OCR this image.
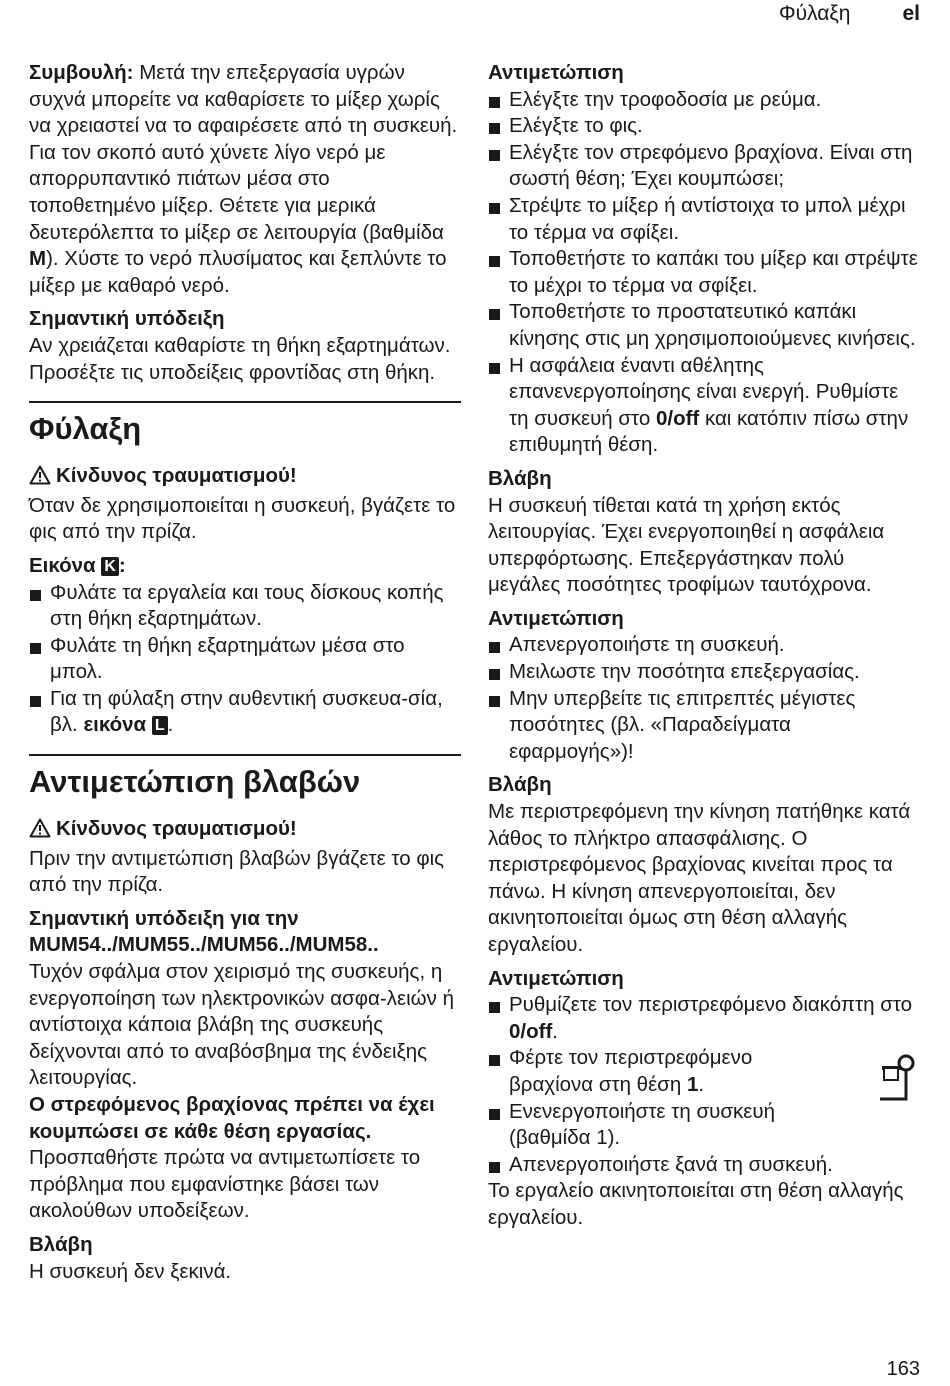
Φύλαξη el

Συμβουλή: Μετά την επεξεργασία υγρών συχνά μπορείτε να καθαρίσετε το μίξερ χωρίς να χρειαστεί να το αφαιρέσετε από τη συσκευή. Για τον σκοπό αυτό χύνετε λίγο νερό με απορρυπαντικό πιάτων μέσα στο τοποθετημένο μίξερ. Θέτετε για μερικά δευτερόλεπτα το μίξερ σε λειτουργία (βαθμίδα M). Χύστε το νερό πλυσίματος και ξεπλύντε το μίξερ με καθαρό νερό.

Σημαντική υπόδειξη

Αν χρειάζεται καθαρίστε τη θήκη εξαρτημάτων. Προσέξτε τις υποδείξεις φροντίδας στη θήκη.

Φύλαξη

Κίνδυνος τραυματισμού!

Όταν δε χρησιμοποιείται η συσκευή, βγάζετε το φις από την πρίζα.

Εικόνα K :

Φυλάτε τα εργαλεία και τους δίσκους κοπής στη θήκη εξαρτημάτων.
Φυλάτε τη θήκη εξαρτημάτων μέσα στο μπολ.
Για τη φύλαξη στην αυθεντική συσκευα-σία, βλ. εικόνα L .
Αντιμετώπιση βλαβών

Κίνδυνος τραυματισμού!

Πριν την αντιμετώπιση βλαβών βγάζετε το φις από την πρίζα.

Σημαντική υπόδειξη για την MUM54../MUM55../MUM56../MUM58..

Τυχόν σφάλμα στον χειρισμό της συσκευής, η ενεργοποίηση των ηλεκτρονικών ασφα-λειών ή αντίστοιχα κάποια βλάβη της συσκευής δείχνονται από το αναβόσβημα της ένδειξης λειτουργίας.

Ο στρεφόμενος βραχίονας πρέπει να έχει κουμπώσει σε κάθε θέση εργασίας.

Προσπαθήστε πρώτα να αντιμετωπίσετε το πρόβλημα που εμφανίστηκε βάσει των ακολούθων υποδείξεων.

Βλάβη

Η συσκευή δεν ξεκινά.

Αντιμετώπιση

Ελέγξτε την τροφοδοσία με ρεύμα.
Ελέγξτε το φις.
Ελέγξτε τον στρεφόμενο βραχίονα. Είναι στη σωστή θέση; Έχει κουμπώσει;
Στρέψτε το μίξερ ή αντίστοιχα το μπολ μέχρι το τέρμα να σφίξει.
Τοποθετήστε το καπάκι του μίξερ και στρέψτε το μέχρι το τέρμα να σφίξει.
Τοποθετήστε το προστατευτικό καπάκι κίνησης στις μη χρησιμοποιούμενες κινήσεις.
Η ασφάλεια έναντι αθέλητης επανενεργοποίησης είναι ενεργή. Ρυθμίστε τη συσκευή στο 0/off και κατόπιν πίσω στην επιθυμητή θέση.

Βλάβη

Η συσκευή τίθεται κατά τη χρήση εκτός λειτουργίας. Έχει ενεργοποιηθεί η ασφάλεια υπερφόρτωσης. Επεξεργάστηκαν πολύ μεγάλες ποσότητες τροφίμων ταυτόχρονα.

Αντιμετώπιση

Απενεργοποιήστε τη συσκευή.
Μειλωστε την ποσότητα επεξεργασίας.
Μην υπερβείτε τις επιτρεπτές μέγιστες ποσότητες (βλ. «Παραδείγματα εφαρμογής»)!

Βλάβη

Με περιστρεφόμενη την κίνηση πατήθηκε κατά λάθος το πλήκτρο απασφάλισης. Ο περιστρεφόμενος βραχίονας κινείται προς τα πάνω. Η κίνηση απενεργοποιείται, δεν ακινητοποιείται όμως στη θέση αλλαγής εργαλείου.

Αντιμετώπιση

Ρυθμίζετε τον περιστρεφόμενο διακόπτη στο 0/off.
Φέρτε τον περιστρεφόμενο βραχίονα στη θέση 1.
Ενενεργοποιήστε τη συσκευή (βαθμίδα 1).
Απενεργοποιήστε ξανά τη συσκευή.

Το εργαλείο ακινητοποιείται στη θέση αλλαγής εργαλείου.

163
